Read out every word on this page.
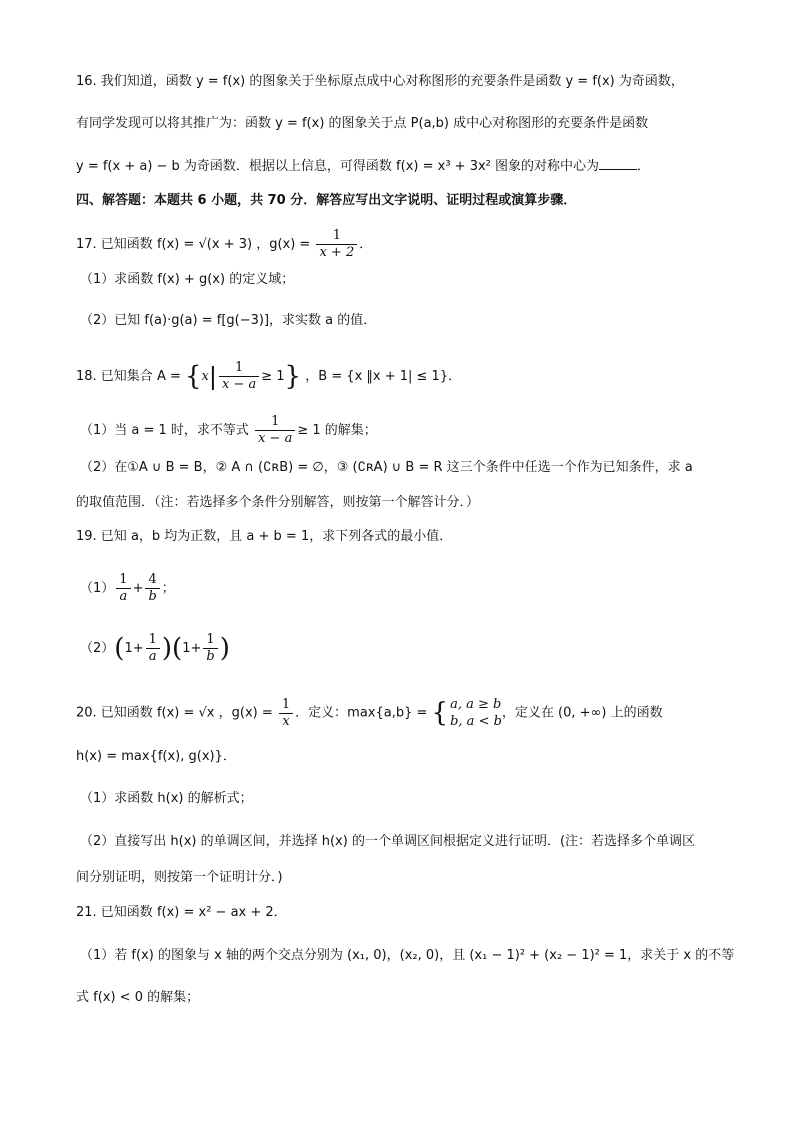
16. 我们知道，函数 y = f(x) 的图象关于坐标原点成中心对称图形的充要条件是函数 y = f(x) 为奇函数，
有同学发现可以将其推广为：函数 y = f(x) 的图象关于点 P(a,b) 成中心对称图形的充要条件是函数
y = f(x + a) − b 为奇函数．根据以上信息，可得函数 f(x) = x³ + 3x² 图象的对称中心为	．
四、解答题：本题共 6 小题，共 70 分．解答应写出文字说明、证明过程或演算步骤．
17. 已知函数 f(x) = √(x + 3) ，$g(x) = \frac{1}{x + 2}$ ．
（1）求函数 f(x) + g(x) 的定义域；
（2）已知 f(a)·g(a) = f[g(−3)]，求实数 a 的值．
18. 已知集合 $A = \{x| \frac{1}{x - a} \ge 1\}$ ，B = {x ‖x + 1| ≤ 1}．
（1）当 a = 1 时，求不等式 $\frac{1}{x - a} \ge 1$ 的解集；
（2）在①A ∪ B = B，② A ∩ (∁ʀB) = ∅，③ (∁ʀA) ∪ B = R 这三个条件中任选一个作为已知条件，求 a
的取值范围．（注：若选择多个条件分别解答，则按第一个解答计分．）
19. 已知 a，b 均为正数，且 a + b = 1，求下列各式的最小值．
$(1) \frac{1}{a} + \frac{4}{b}$ ；
$(2)(1+ \frac{1}{a} )(1+ \frac{1}{b}$ )
20. 已知函数 f(x) = √x ，$g(x) = \frac{1}{x}$ ．定义：max{a,b} = { a, a ≥ b
b, a < b
，定义在 (0, +∞) 上的函数
h(x) = max{f(x), g(x)}．
（1）求函数 h(x) 的解析式；
（2）直接写出 h(x) 的单调区间，并选择 h(x) 的一个单调区间根据定义进行证明．(注：若选择多个单调区
间分别证明，则按第一个证明计分．)
21. 已知函数 f(x) = x² − ax + 2．
（1）若 f(x) 的图象与 x 轴的两个交点分别为 (x₁, 0)，(x₂, 0)，且 (x₁ − 1)² + (x₂ − 1)² = 1，求关于 x 的不等
式 f(x) < 0 的解集；
